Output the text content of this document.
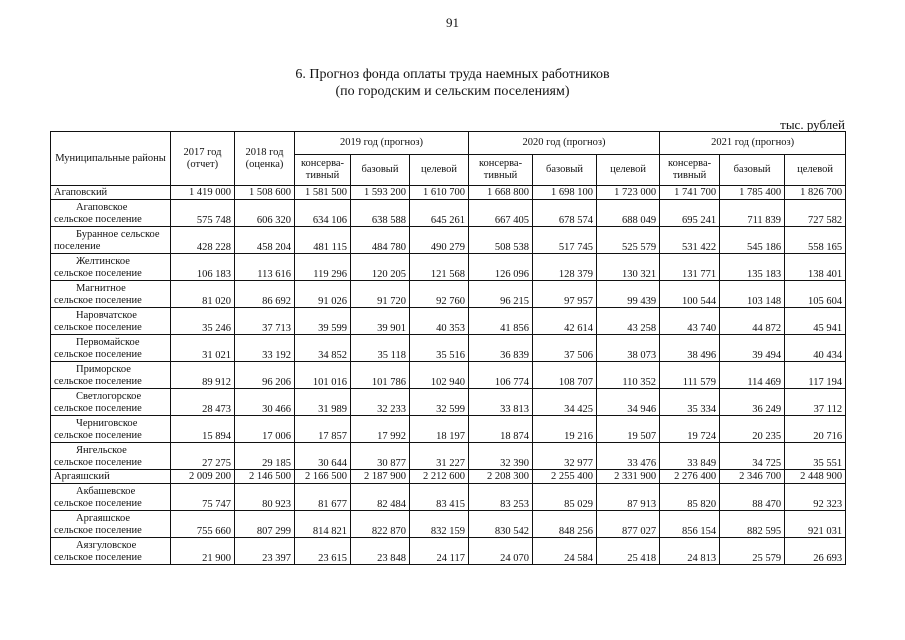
91
6. Прогноз фонда оплаты труда наемных работников
(по городским и сельским поселениям)
тыс. рублей
Муниципальные районы	2017 год (отчет)	2018 год (оценка)	2019 год (прогноз)			2020 год (прогноз)			2021 год (прогноз)		
			консерва-тивный	базовый	целевой	консерва-тивный	базовый	целевой	консерва-тивный	базовый	целевой
Агаповский	1 419 000	1 508 600	1 581 500	1 593 200	1 610 700	1 668 800	1 698 100	1 723 000	1 741 700	1 785 400	1 826 700

Агаповское
сельское поселение	575 748	606 320	634 106	638 588	645 261	667 405	678 574	688 049	695 241	711 839	727 582

Буранное сельское
поселение	428 228	458 204	481 115	484 780	490 279	508 538	517 745	525 579	531 422	545 186	558 165

Желтинское
сельское поселение	106 183	113 616	119 296	120 205	121 568	126 096	128 379	130 321	131 771	135 183	138 401

Магнитное
сельское поселение	81 020	86 692	91 026	91 720	92 760	96 215	97 957	99 439	100 544	103 148	105 604

Наровчатское
сельское поселение	35 246	37 713	39 599	39 901	40 353	41 856	42 614	43 258	43 740	44 872	45 941

Первомайское
сельское поселение	31 021	33 192	34 852	35 118	35 516	36 839	37 506	38 073	38 496	39 494	40 434

Приморское
сельское поселение	89 912	96 206	101 016	101 786	102 940	106 774	108 707	110 352	111 579	114 469	117 194

Светлогорское
сельское поселение	28 473	30 466	31 989	32 233	32 599	33 813	34 425	34 946	35 334	36 249	37 112

Черниговское
сельское поселение	15 894	17 006	17 857	17 992	18 197	18 874	19 216	19 507	19 724	20 235	20 716

Янгельское
сельское поселение	27 275	29 185	30 644	30 877	31 227	32 390	32 977	33 476	33 849	34 725	35 551
Аргаяшский	2 009 200	2 146 500	2 166 500	2 187 900	2 212 600	2 208 300	2 255 400	2 331 900	2 276 400	2 346 700	2 448 900

Акбашевское
сельское поселение	75 747	80 923	81 677	82 484	83 415	83 253	85 029	87 913	85 820	88 470	92 323

Аргаяшское
сельское поселение	755 660	807 299	814 821	822 870	832 159	830 542	848 256	877 027	856 154	882 595	921 031

Аязгуловское
сельское поселение	21 900	23 397	23 615	23 848	24 117	24 070	24 584	25 418	24 813	25 579	26 693
